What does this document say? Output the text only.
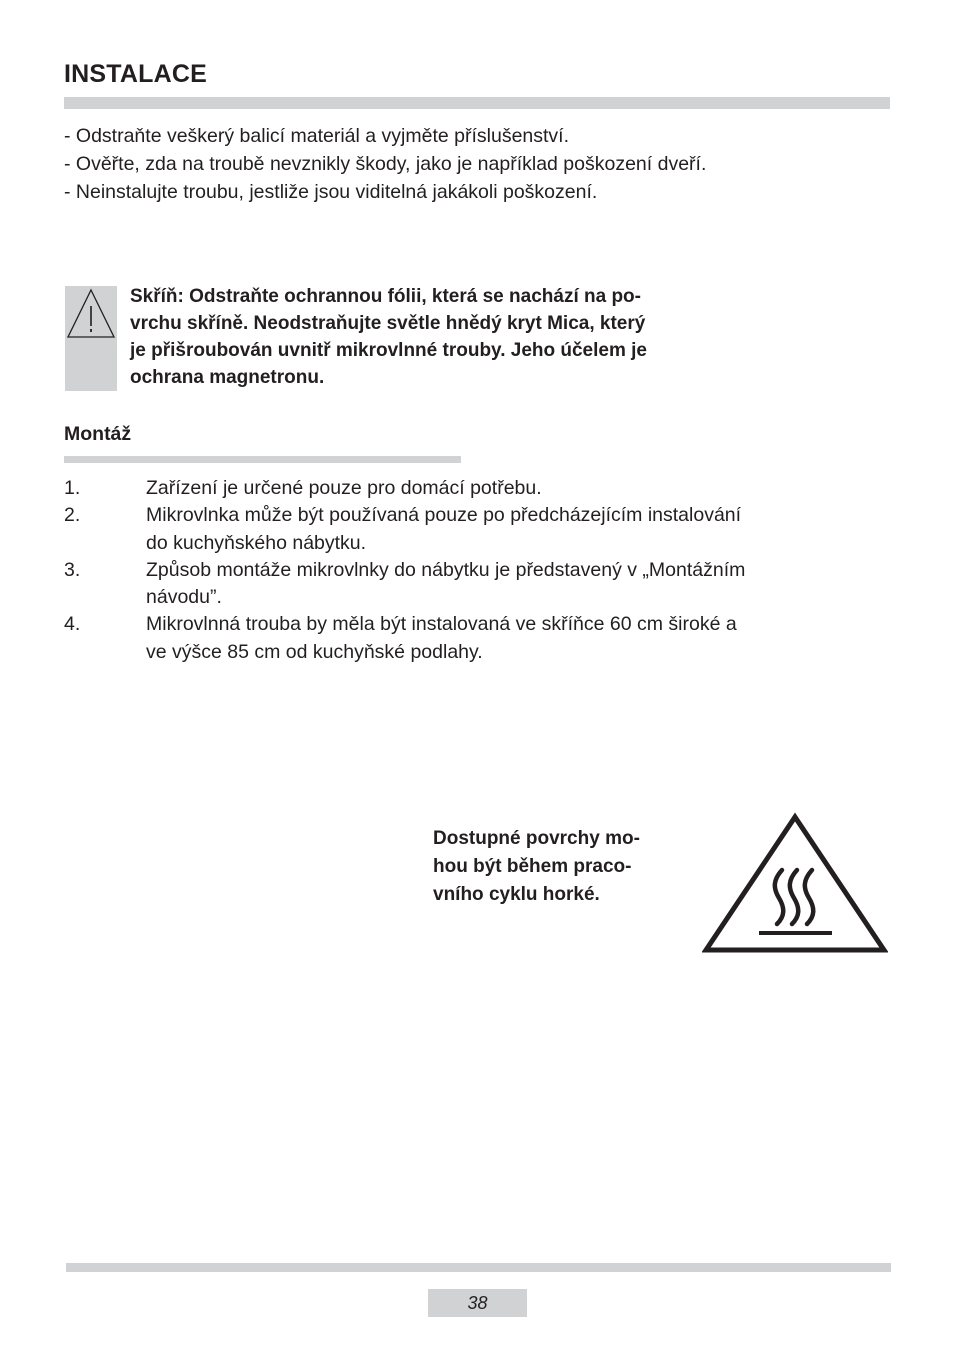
INSTALACE
- Odstraňte veškerý balicí materiál a vyjměte příslušenství.
- Ověřte, zda na troubě nevznikly škody, jako je například poškození dveří.
- Neinstalujte troubu, jestliže jsou viditelná jakákoli poškození.
Skříň: Odstraňte ochrannou fólii, která se nachází na po-
vrchu skříně. Neodstraňujte světle hnědý kryt Mica, který
je přišroubován uvnitř mikrovlnné trouby. Jeho účelem je
ochrana magnetronu.
Montáž
1.	Zařízení je určené pouze pro domácí potřebu.
2.	Mikrovlnka může být používaná pouze po předcházejícím instalování
do kuchyňského nábytku.
3.	Způsob montáže mikrovlnky do nábytku je představený v „Montážním
návodu”.
4.	Mikrovlnná trouba by měla být instalovaná ve skříňce 60 cm široké a
ve výšce 85 cm od kuchyňské podlahy.
Dostupné povrchy mo-
hou být během praco-
vního cyklu horké.
38
